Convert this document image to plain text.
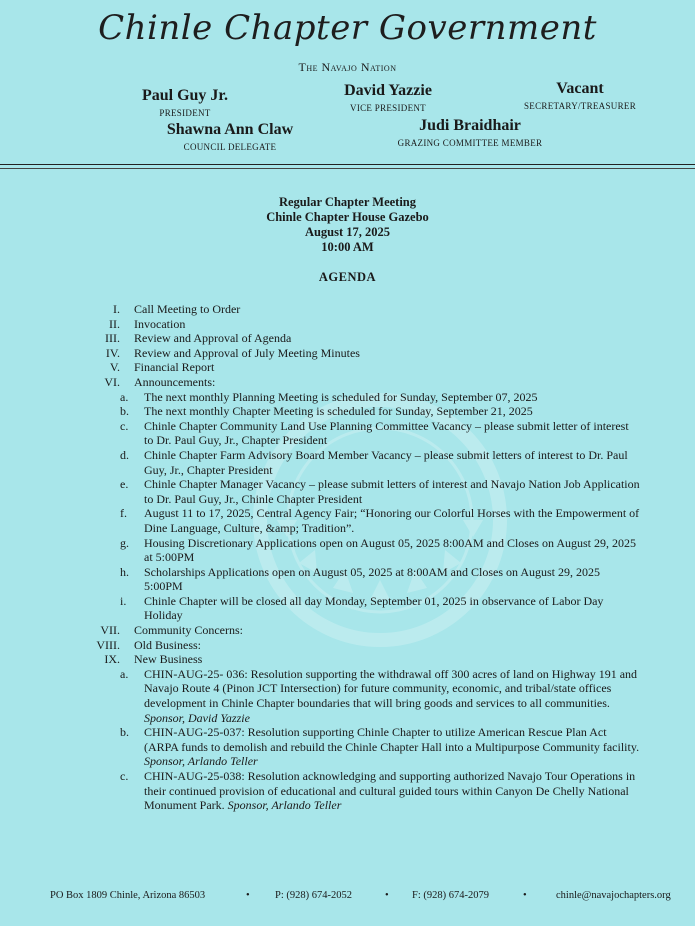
Chinle Chapter Government
The Navajo Nation
Paul Guy Jr.
PRESIDENT
David Yazzie
VICE PRESIDENT
Vacant
SECRETARY/TREASURER
Shawna Ann Claw
COUNCIL DELEGATE
Judi Braidhair
GRAZING COMMITTEE MEMBER
Regular Chapter Meeting
Chinle Chapter House Gazebo
August 17, 2025
10:00 AM
AGENDA
I.	Call Meeting to Order
II.	Invocation
III.	Review and Approval of Agenda
IV.	Review and Approval of July Meeting Minutes
V.	Financial Report
VI.	Announcements:
a.	The next monthly Planning Meeting is scheduled for Sunday, September 07, 2025
b.	The next monthly Chapter Meeting is scheduled for Sunday, September 21, 2025
c.	Chinle Chapter Community Land Use Planning Committee Vacancy – please submit letter of interest to Dr. Paul Guy, Jr., Chapter President
d.	Chinle Chapter Farm Advisory Board Member Vacancy – please submit letters of interest to Dr. Paul Guy, Jr., Chapter President
e.	Chinle Chapter Manager Vacancy – please submit letters of interest and Navajo Nation Job Application to Dr. Paul Guy, Jr., Chinle Chapter President
f.	August 11 to 17, 2025, Central Agency Fair; “Honoring our Colorful Horses with the Empowerment of Dine Language, Culture, &amp; Tradition”.
g.	Housing Discretionary Applications open on August 05, 2025 8:00AM and Closes on August 29, 2025 at 5:00PM
h.	Scholarships Applications open on August 05, 2025 at 8:00AM and Closes on August 29, 2025 5:00PM
i.	Chinle Chapter will be closed all day Monday, September 01, 2025 in observance of Labor Day Holiday
VII.	Community Concerns:
VIII.	Old Business:
IX.	New Business
a.	CHIN-AUG-25- 036: Resolution supporting the withdrawal off 300 acres of land on Highway 191 and Navajo Route 4 (Pinon JCT Intersection) for future community, economic, and tribal/state offices development in Chinle Chapter boundaries that will bring goods and services to all communities. Sponsor, David Yazzie
b.	CHIN-AUG-25-037: Resolution supporting Chinle Chapter to utilize American Rescue Plan Act (ARPA funds to demolish and rebuild the Chinle Chapter Hall into a Multipurpose Community facility. Sponsor, Arlando Teller
c.	CHIN-AUG-25-038: Resolution acknowledging and supporting authorized Navajo Tour Operations in their continued provision of educational and cultural guided tours within Canyon De Chelly National Monument Park. Sponsor, Arlando Teller
PO Box 1809 Chinle, Arizona 86503	• P: (928) 674-2052	• F: (928) 674-2079	•	chinle@navajochapters.org
